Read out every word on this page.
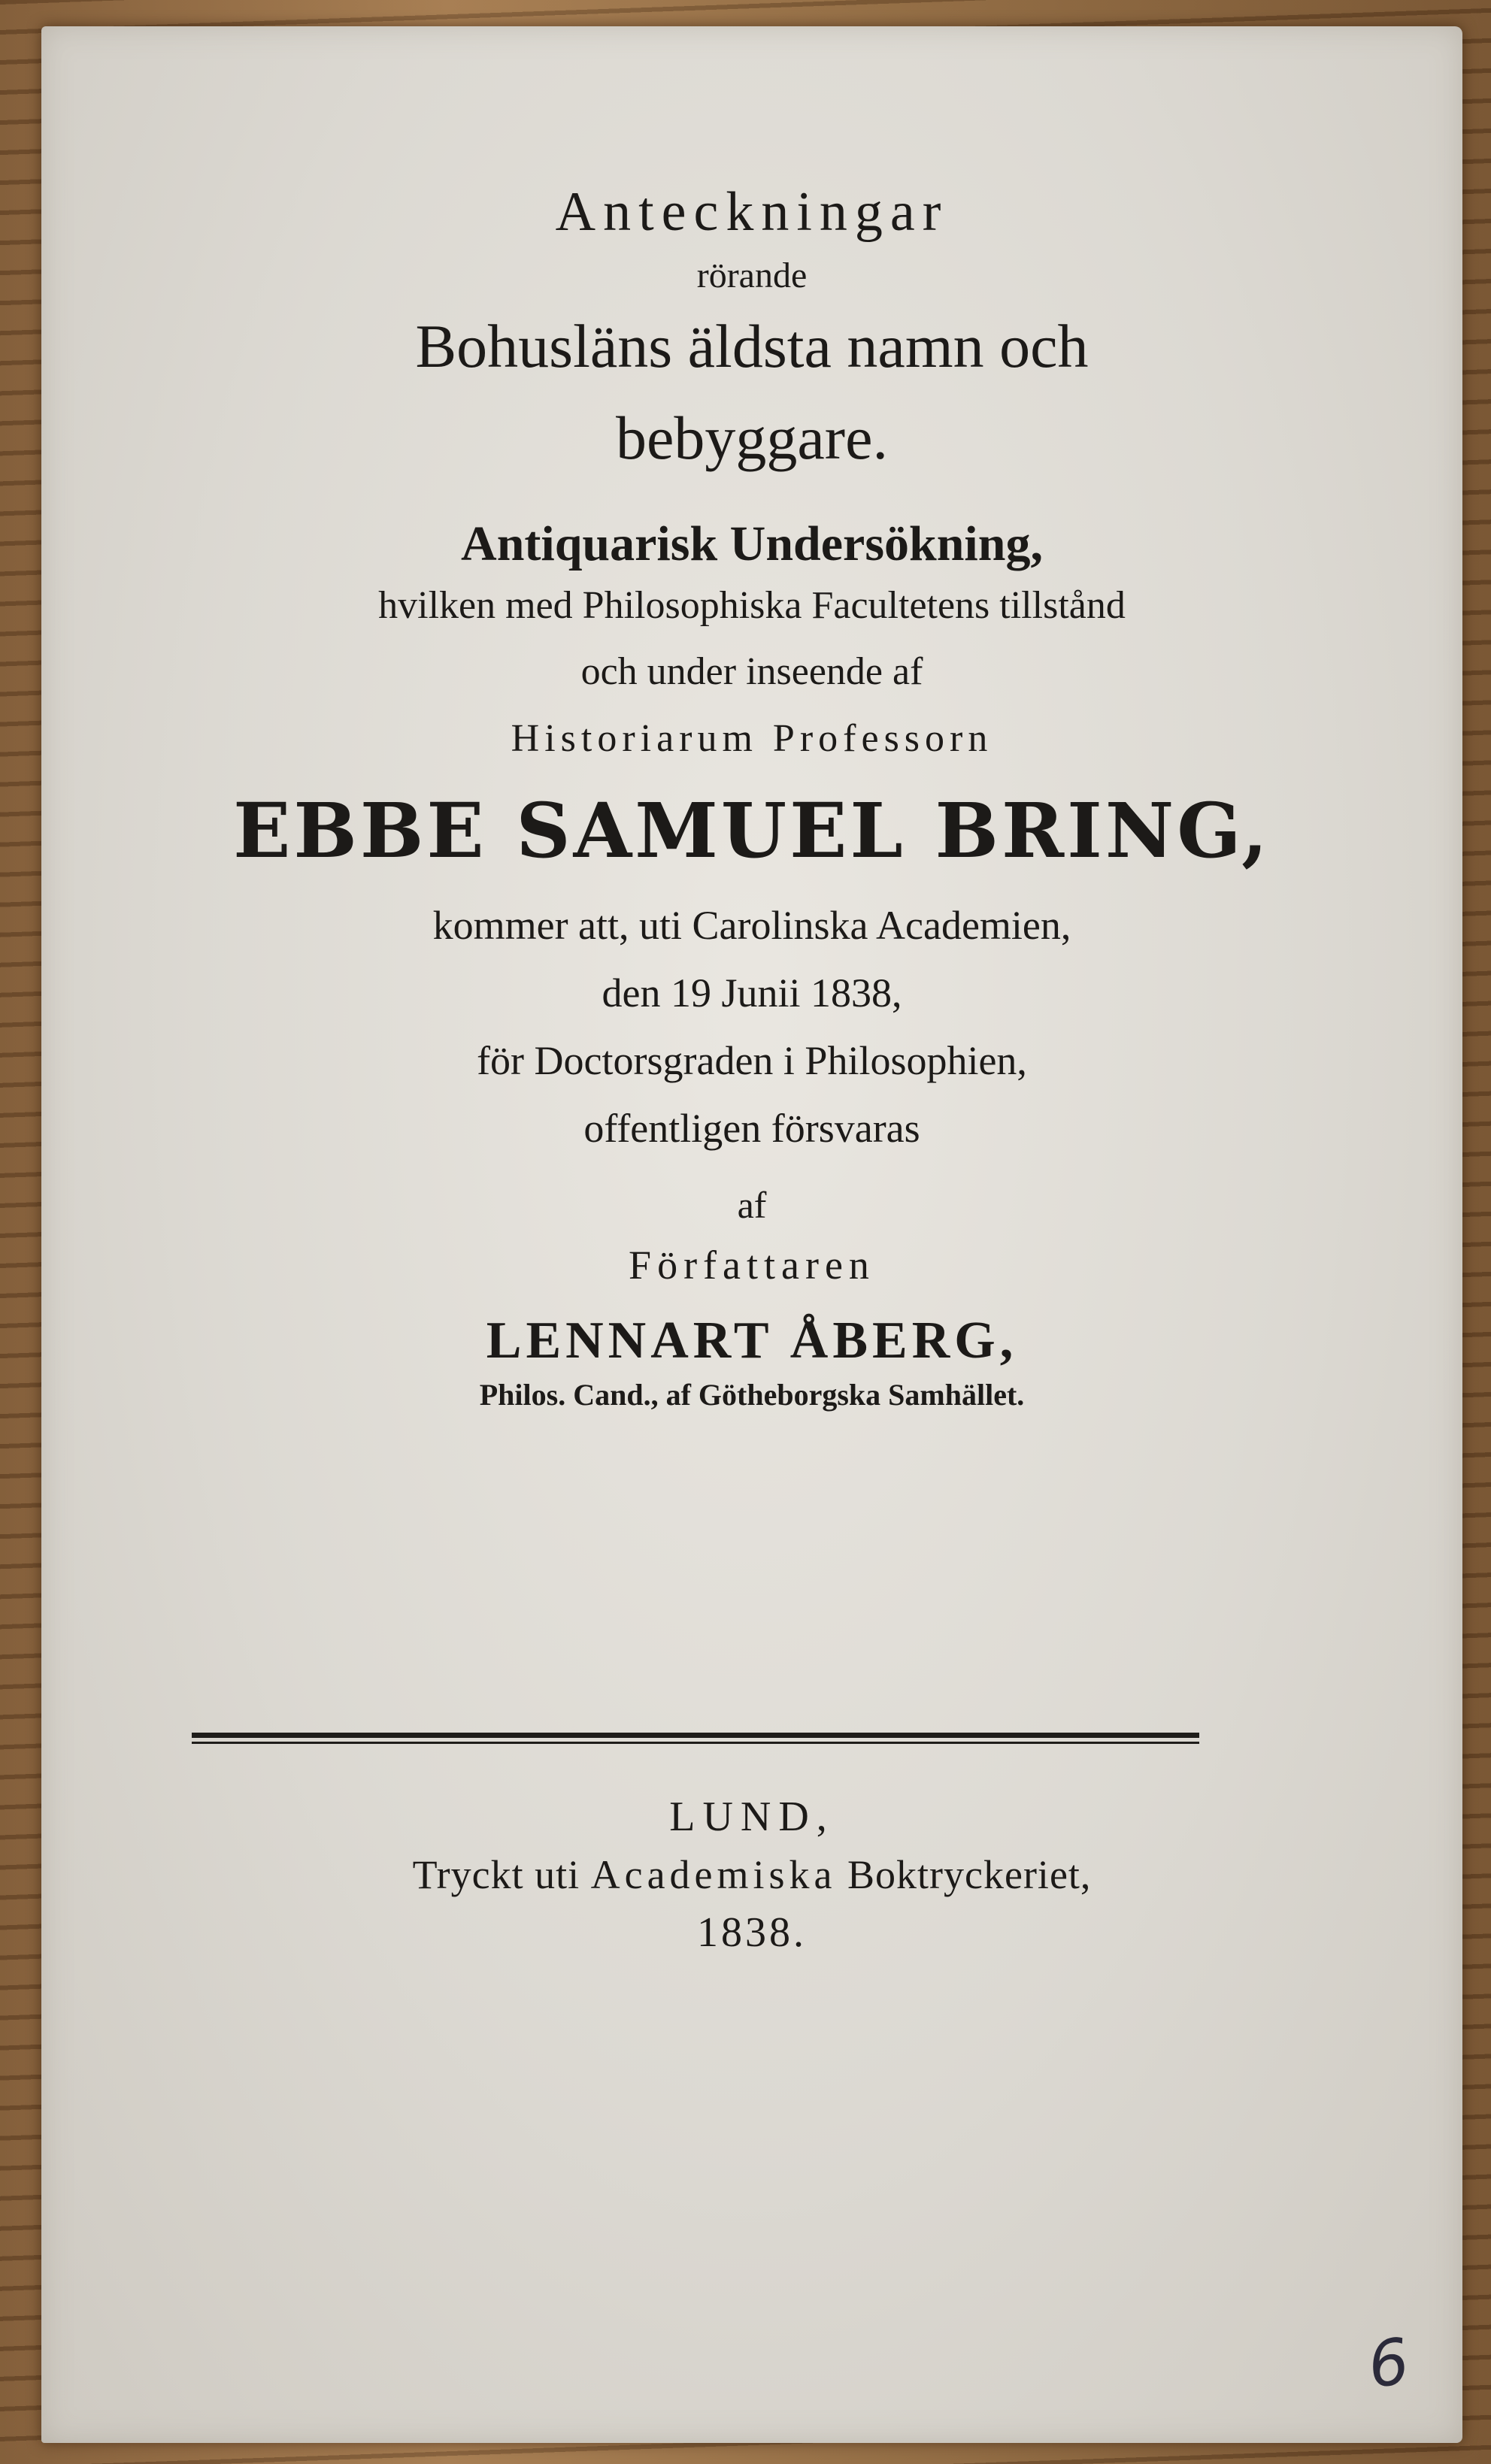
Anteckningar
rörande
Bohusläns äldsta namn och
bebyggare.
Antiquarisk Undersökning,
hvilken med Philosophiska Facultetens tillstånd
och under inseende af
Historiarum Professorn
EBBE SAMUEL BRING,
kommer att, uti Carolinska Academien,
den 19 Junii 1838,
för Doctorsgraden i Philosophien,
offentligen försvaras
af
Författaren
LENNART ÅBERG,
Philos. Cand., af Götheborgska Samhället.
LUND,
Tryckt uti Academiska Boktryckeriet,
1838.
6
